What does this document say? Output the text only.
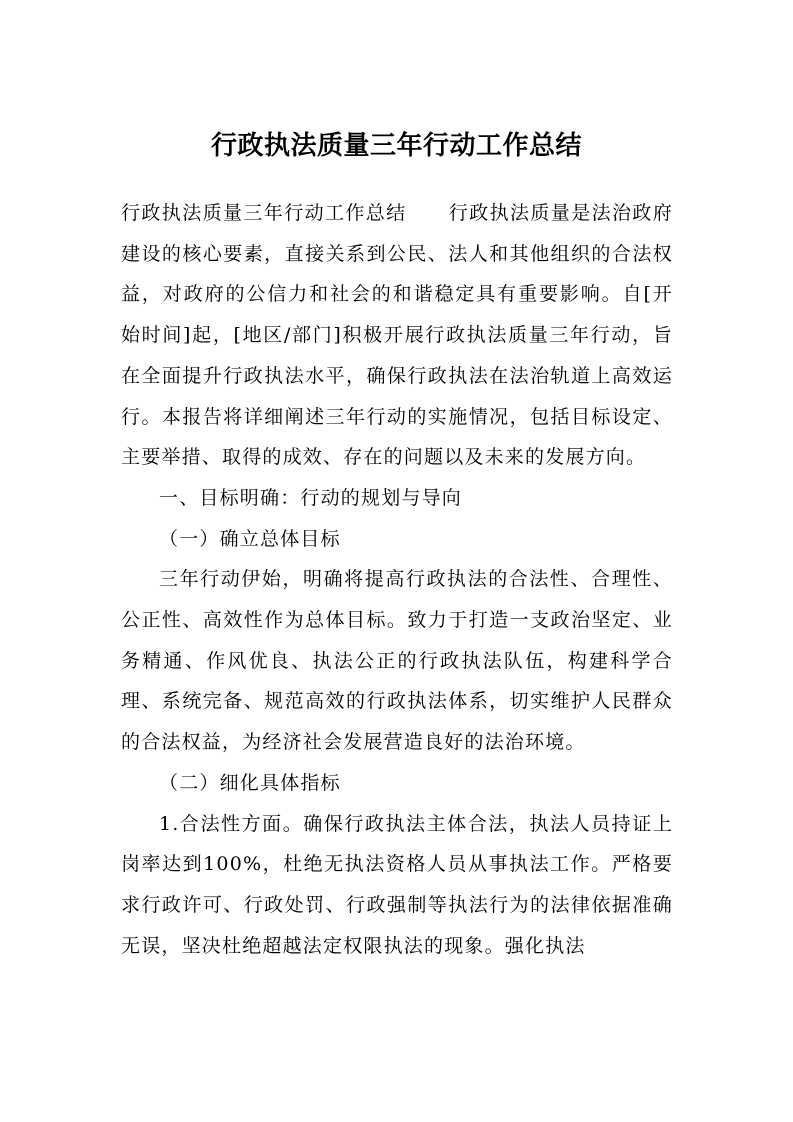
行政执法质量三年行动工作总结

行政执法质量三年行动工作总结 行政执法质量是法治政府建设的核心要素，直接关系到公民、法人和其他组织的合法权益，对政府的公信力和社会的和谐稳定具有重要影响。自[开始时间]起，[地区/部门]积极开展行政执法质量三年行动，旨在全面提升行政执法水平，确保行政执法在法治轨道上高效运行。本报告将详细阐述三年行动的实施情况，包括目标设定、主要举措、取得的成效、存在的问题以及未来的发展方向。

一、目标明确：行动的规划与导向

（一）确立总体目标

三年行动伊始，明确将提高行政执法的合法性、合理性、公正性、高效性作为总体目标。致力于打造一支政治坚定、业务精通、作风优良、执法公正的行政执法队伍，构建科学合理、系统完备、规范高效的行政执法体系，切实维护人民群众的合法权益，为经济社会发展营造良好的法治环境。

（二）细化具体指标

1.合法性方面。确保行政执法主体合法，执法人员持证上岗率达到100%，杜绝无执法资格人员从事执法工作。严格要求行政许可、行政处罚、行政强制等执法行为的法律依据准确无误，坚决杜绝超越法定权限执法的现象。强化执法
